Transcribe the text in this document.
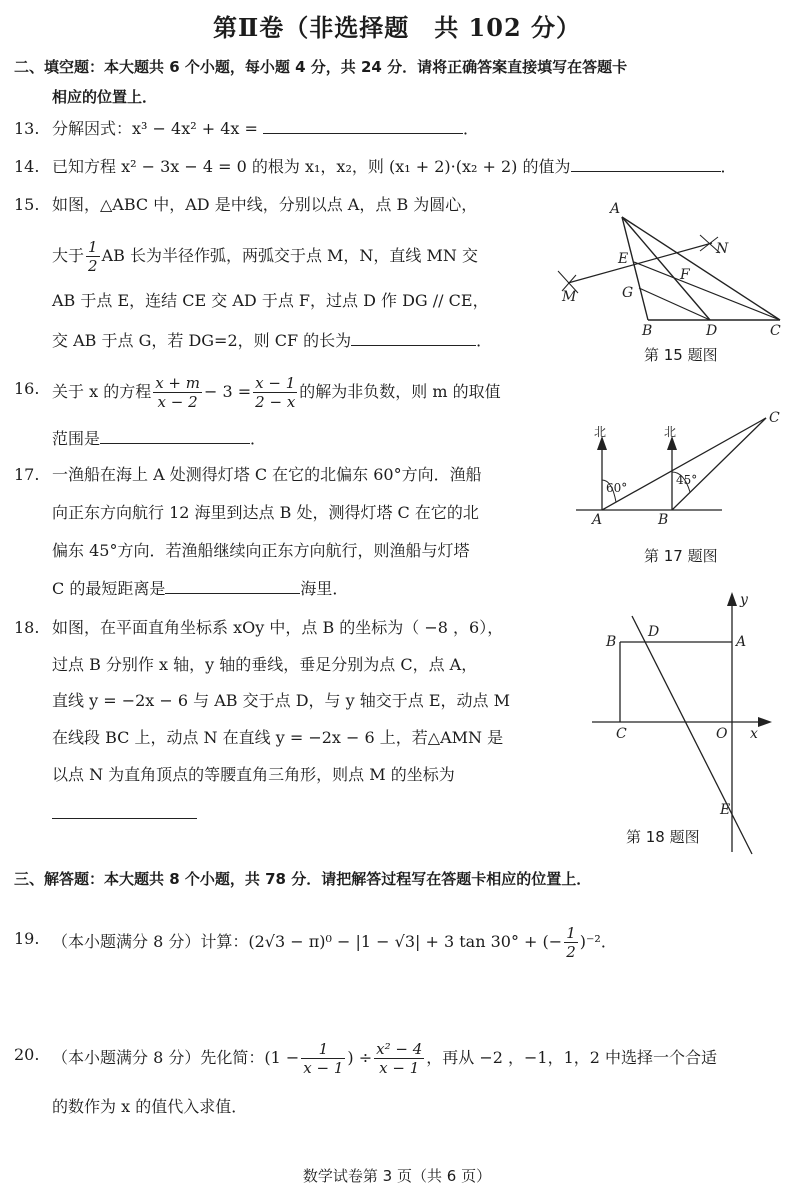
第Ⅱ卷（非选择题　共 102 分）
二、填空题：本大题共 6 个小题，每小题 4 分，共 24 分．请将正确答案直接填写在答题卡
相应的位置上．
13. 分解因式：x³ − 4x² + 4x =	．
14. 已知方程 x² − 3x − 4 = 0 的根为 x₁，x₂，则 (x₁ + 2)·(x₂ + 2) 的值为	．
15. 如图，△ABC 中，AD 是中线，分别以点 A，点 B 为圆心，
大于 $\frac{1}{2}$ AB 长为半径作弧，两弧交于点 M，N，直线 MN 交
AB 于点 E，连结 CE 交 AD 于点 F，过点 D 作 DG // CE，
交 AB 于点 G，若 DG=2，则 CF 的长为	．
A
B	C
D
E
F
G
M
N
第 15 题图
16. 关于 x 的方程 $\frac{x + m}{x - 2} - 3 = \frac{x - 1}{2 - x}$ 的解为非负数，则 m 的取值
范围是	．
17. 一渔船在海上 A 处测得灯塔 C 在它的北偏东 60°方向．渔船
向正东方向航行 12 海里到达点 B 处，测得灯塔 C 在它的北
偏东 45°方向．若渔船继续向正东方向航行，则渔船与灯塔
C 的最短距离是	海里．
北	北
60°
45°
A	B
C
第 17 题图
18. 如图，在平面直角坐标系 xOy 中，点 B 的坐标为（ −8 ，6），
过点 B 分别作 x 轴，y 轴的垂线，垂足分别为点 C，点 A，
直线 y = −2x − 6 与 AB 交于点 D，与 y 轴交于点 E，动点 M
在线段 BC 上，动点 N 在直线 y = −2x − 6 上，若△AMN 是
以点 N 为直角顶点的等腰直角三角形，则点 M 的坐标为
B
D
A
C	O
E
x
y
第 18 题图
三、解答题：本大题共 8 个小题，共 78 分．请把解答过程写在答题卡相应的位置上．
19. （本小题满分 8 分）计算：(2√3 − π)⁰ − |1 − √3| + 3 tan 30° + (− $\frac{1}{2} )^{-2}$．
20. （本小题满分 8 分）先化简：($1 - \frac{1}{x - 1}$ ) ÷ $\frac{\text{x² − 4}}{x - 1}$ ，再从 −2 ，−1，1，2 中选择一个合适
的数作为 x 的值代入求值．
数学试卷第 3 页（共 6 页）
